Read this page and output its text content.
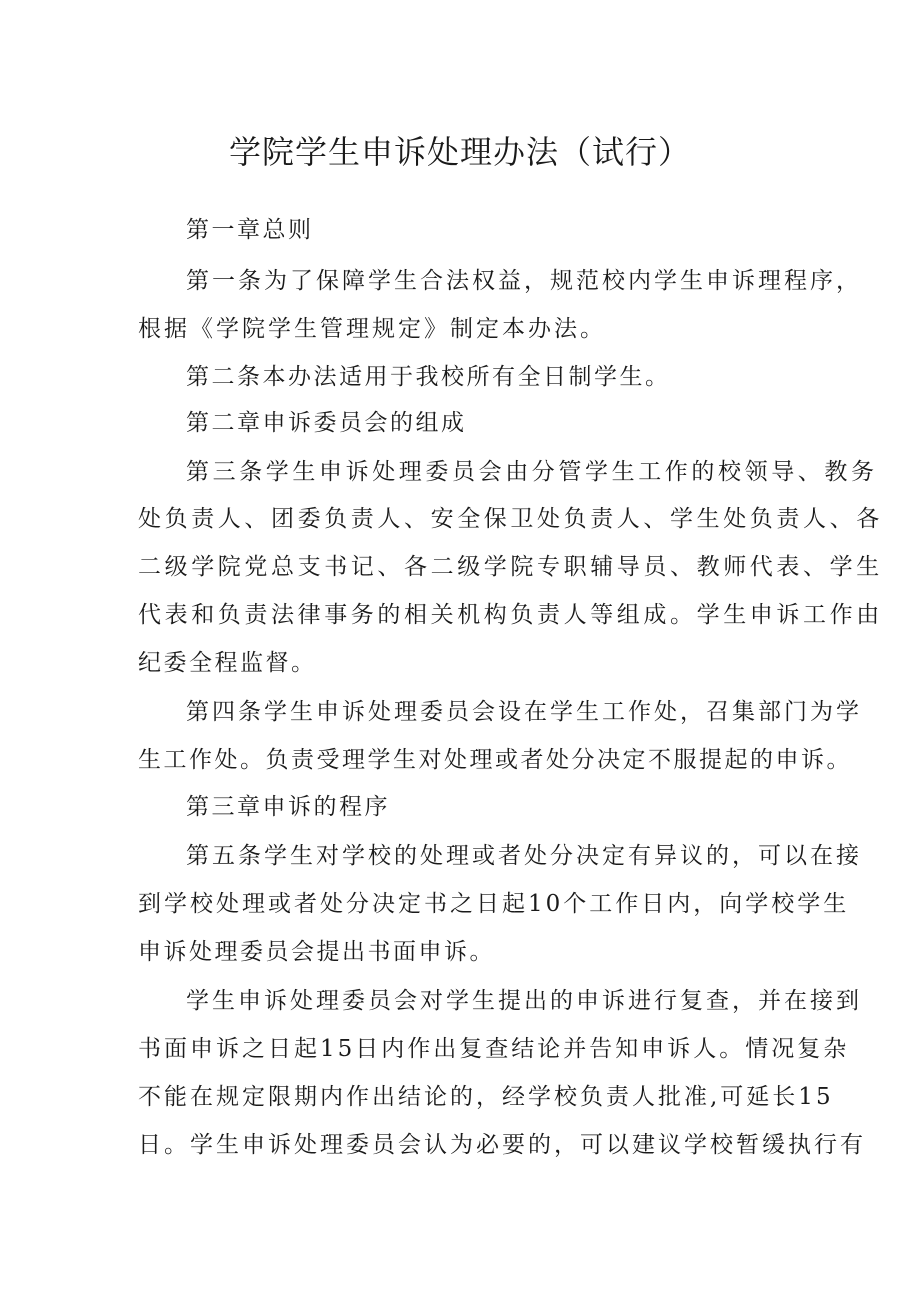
学院学生申诉处理办法（试行）

第一章总则

第一条为了保障学生合法权益，规范校内学生申诉理程序，

根据《学院学生管理规定》制定本办法。

第二条本办法适用于我校所有全日制学生。

第二章申诉委员会的组成

第三条学生申诉处理委员会由分管学生工作的校领导、教务

处负责人、团委负责人、安全保卫处负责人、学生处负责人、各

二级学院党总支书记、各二级学院专职辅导员、教师代表、学生

代表和负责法律事务的相关机构负责人等组成。学生申诉工作由

纪委全程监督。

第四条学生申诉处理委员会设在学生工作处，召集部门为学

生工作处。负责受理学生对处理或者处分决定不服提起的申诉。

第三章申诉的程序

第五条学生对学校的处理或者处分决定有异议的，可以在接

到学校处理或者处分决定书之日起10个工作日内，向学校学生

申诉处理委员会提出书面申诉。

学生申诉处理委员会对学生提出的申诉进行复查，并在接到

书面申诉之日起15日内作出复查结论并告知申诉人。情况复杂

不能在规定限期内作出结论的，经学校负责人批准,可延长15

日。学生申诉处理委员会认为必要的，可以建议学校暂缓执行有
